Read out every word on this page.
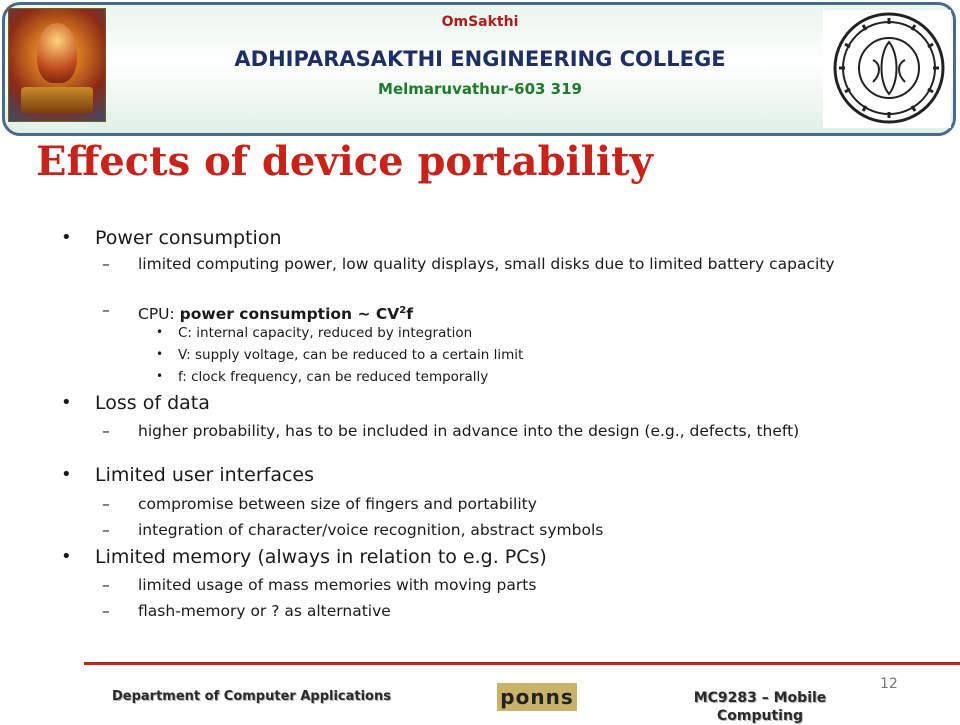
OmSakthi
ADHIPARASAKTHI ENGINEERING COLLEGE
Melmaruvathur-603 319
Effects of device portability
• Power consumption
– limited computing power, low quality displays, small disks due to limited battery capacity
– CPU: power consumption ~ $CV^2f$
• C: internal capacity, reduced by integration
• V: supply voltage, can be reduced to a certain limit
• f: clock frequency, can be reduced temporally
• Loss of data
– higher probability, has to be included in advance into the design (e.g., defects, theft)
• Limited user interfaces
– compromise between size of fingers and portability
– integration of character/voice recognition, abstract symbols
• Limited memory (always in relation to e.g. PCs)
– limited usage of mass memories with moving parts
– flash-memory or ? as alternative
Department of Computer Applications	ponns	MC9283 – Mobile Computing
12
